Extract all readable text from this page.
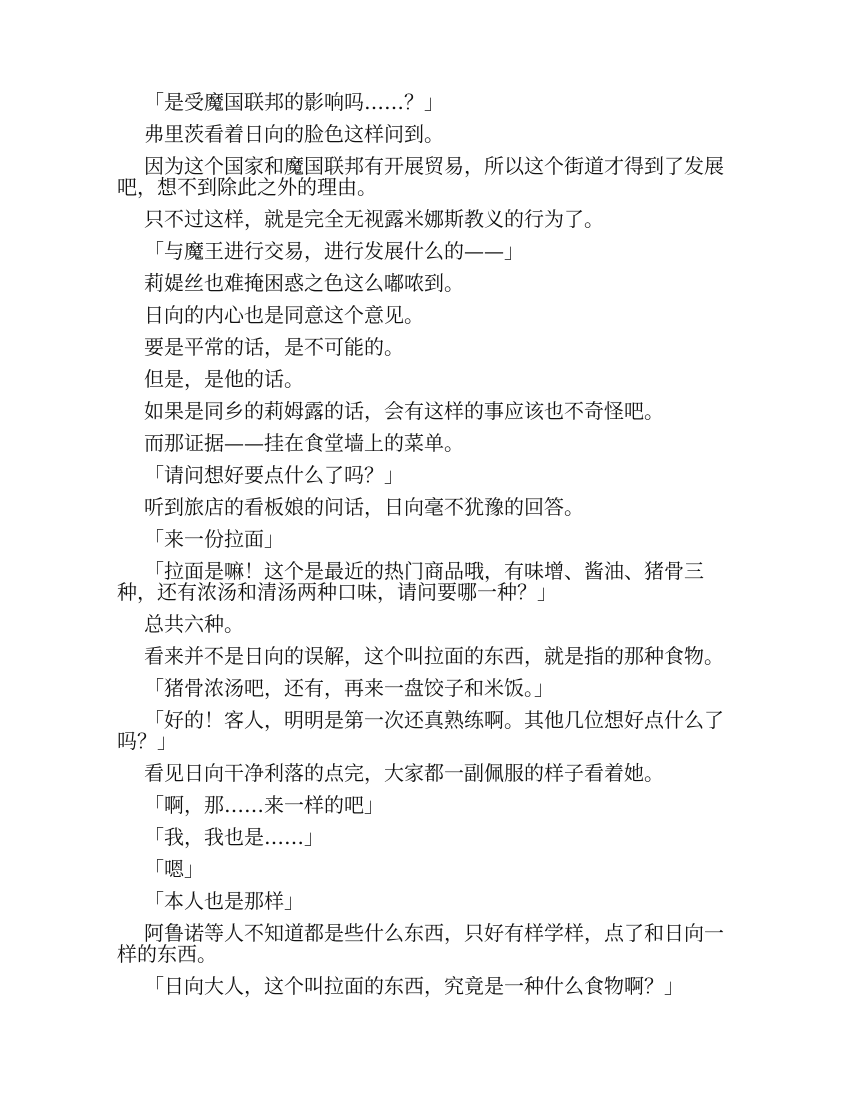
「是受魔国联邦的影响吗……？」

弗里茨看着日向的脸色这样问到。

因为这个国家和魔国联邦有开展贸易，所以这个街道才得到了发展吧，想不到除此之外的理由。

只不过这样，就是完全无视露米娜斯教义的行为了。

「与魔王进行交易，进行发展什么的——」

莉媞丝也难掩困惑之色这么嘟哝到。

日向的内心也是同意这个意见。

要是平常的话，是不可能的。

但是，是他的话。

如果是同乡的莉姆露的话，会有这样的事应该也不奇怪吧。

而那证据——挂在食堂墙上的菜单。

「请问想好要点什么了吗？」

听到旅店的看板娘的问话，日向毫不犹豫的回答。

「来一份拉面」

「拉面是嘛！这个是最近的热门商品哦，有味增、酱油、猪骨三种，还有浓汤和清汤两种口味，请问要哪一种？」

总共六种。

看来并不是日向的误解，这个叫拉面的东西，就是指的那种食物。

「猪骨浓汤吧，还有，再来一盘饺子和米饭。」

「好的！客人，明明是第一次还真熟练啊。其他几位想好点什么了吗？」

看见日向干净利落的点完，大家都一副佩服的样子看着她。

「啊，那……来一样的吧」

「我，我也是……」

「嗯」

「本人也是那样」

阿鲁诺等人不知道都是些什么东西，只好有样学样，点了和日向一样的东西。

「日向大人，这个叫拉面的东西，究竟是一种什么食物啊？」
